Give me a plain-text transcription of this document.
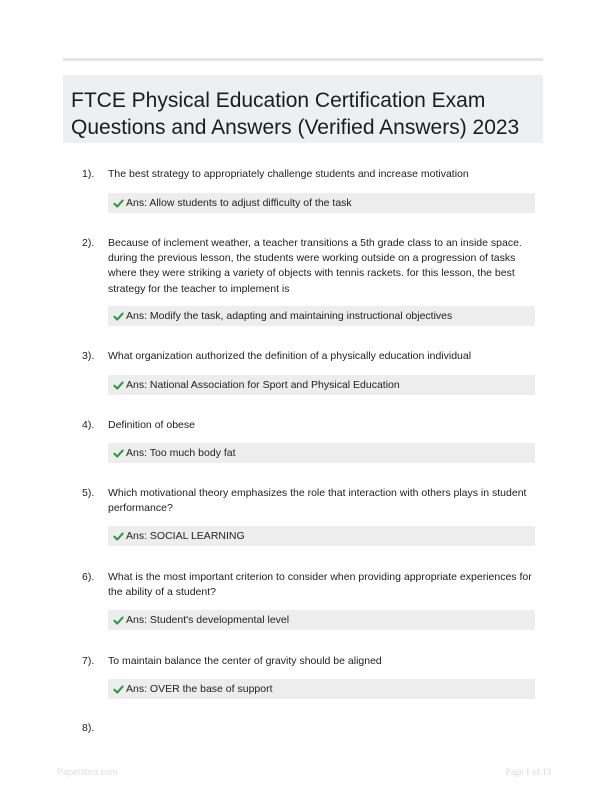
FTCE Physical Education Certification Exam Questions and Answers (Verified Answers) 2023
1). The best strategy to appropriately challenge students and increase motivation
Ans: Allow students to adjust difficulty of the task
2). Because of inclement weather, a teacher transitions a 5th grade class to an inside space. during the previous lesson, the students were working outside on a progression of tasks where they were striking a variety of objects with tennis rackets. for this lesson, the best strategy for the teacher to implement is
Ans: Modify the task, adapting and maintaining instructional objectives
3). What organization authorized the definition of a physically education individual
Ans: National Association for Sport and Physical Education
4). Definition of obese
Ans: Too much body fat
5). Which motivational theory emphasizes the role that interaction with others plays in student performance?
Ans: SOCIAL LEARNING
6). What is the most important criterion to consider when providing appropriate experiences for the ability of a student?
Ans: Student's developmental level
7). To maintain balance the center of gravity should be aligned
Ans: OVER the base of support
8).
Paperlibro.com	Page 1 of 13
